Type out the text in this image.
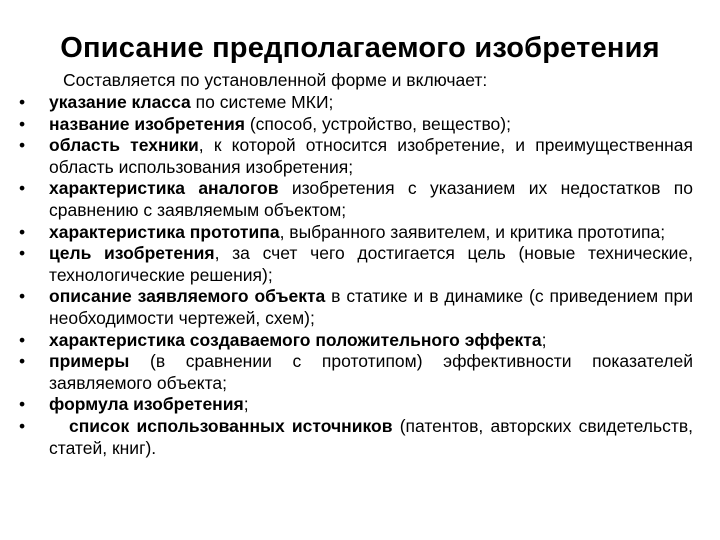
Описание предполагаемого изобретения
Составляется по установленной форме и включает:
•	указание класса по системе МКИ;
•	название изобретения (способ, устройство, вещество);
•	область техники, к которой относится изобретение, и преимущественная область использования изобретения;
•	характеристика аналогов изобретения с указанием их недостатков по сравнению с заявляемым объектом;
•	характеристика прототипа, выбранного заявителем, и критика прототипа;
•	цель изобретения, за счет чего достигается цель (новые технические, технологические решения);
•	описание заявляемого объекта в статике и в динамике (с приведением при необходимости чертежей, схем);
•	характеристика создаваемого положительного эффекта;
•	примеры (в сравнении с прототипом) эффективности показателей заявляемого объекта;
•	формула изобретения;
•	список использованных источников (патентов, авторских свидетельств, статей, книг).
